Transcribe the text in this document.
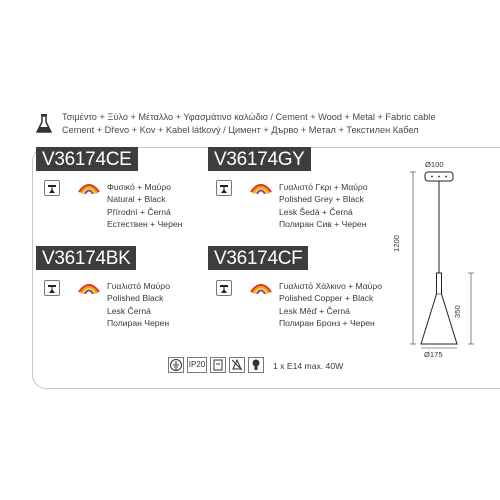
Τσιμέντο + Ξύλο + Μέταλλο + Υφασμάτινο καλώδιο / Cement + Wood + Metal + Fabric cable
Cement + Dřevo + Kov + Kabel látkový / Цимент + Дърво + Метал + Текстилен Кабел
V36174CE	V36174GY
V36174BK	V36174CF
Φυσικό + Μαύρο
Natural + Black
Přírodní + Černá
Естествен + Черен
Γυαλιστό Γκρι + Μαύρο
Polished Grey + Black
Lesk Šedá + Černá
Полиран Сив + Черен
Γυαλιστό Μαύρο
Polished Black
Lesk Černá
Полиран Черен
Γυαλιστό Χάλκινο + Μαύρο
Polished Copper + Black
Lesk Měď + Černá
Полиран Бронз + Черен
IP20	1 x E14 max. 40W
Ø100
1200
350
Ø175
